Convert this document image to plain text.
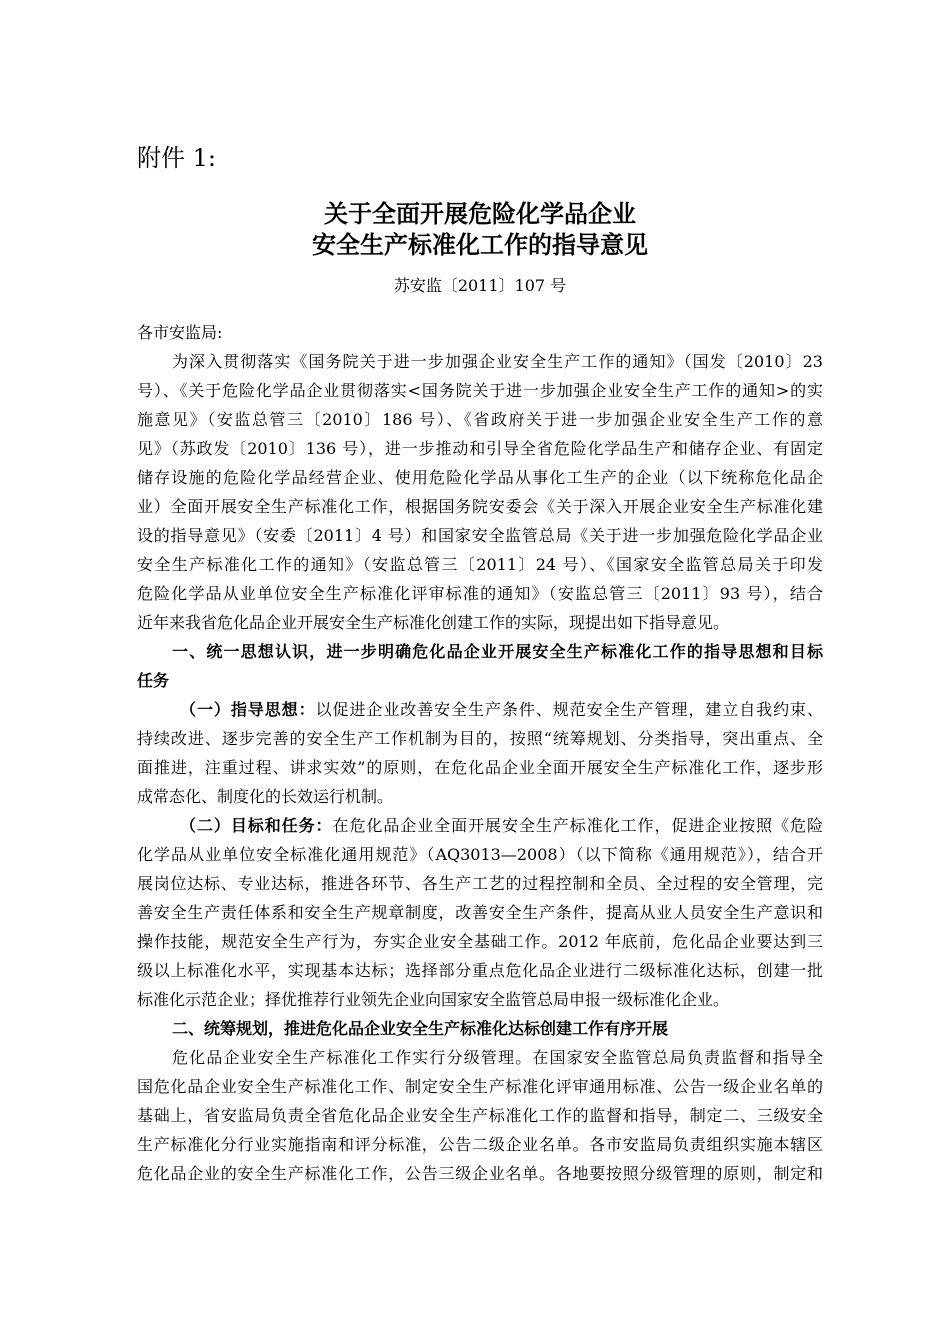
附件 1:
关于全面开展危险化学品企业
安全生产标准化工作的指导意见
苏安监〔2011〕107 号
各市安监局:
为深入贯彻落实《国务院关于进一步加强企业安全生产工作的通知》（国发〔2010〕23
号）、《关于危险化学品企业贯彻落实<国务院关于进一步加强企业安全生产工作的通知>的实
施意见》（安监总管三〔2010〕186 号）、《省政府关于进一步加强企业安全生产工作的意
见》（苏政发〔2010〕136 号），进一步推动和引导全省危险化学品生产和储存企业、有固定
储存设施的危险化学品经营企业、使用危险化学品从事化工生产的企业（以下统称危化品企
业）全面开展安全生产标准化工作，根据国务院安委会《关于深入开展企业安全生产标准化建
设的指导意见》（安委〔2011〕4 号）和国家安全监管总局《关于进一步加强危险化学品企业
安全生产标准化工作的通知》（安监总管三〔2011〕24 号）、《国家安全监管总局关于印发
危险化学品从业单位安全生产标准化评审标准的通知》（安监总管三〔2011〕93 号），结合
近年来我省危化品企业开展安全生产标准化创建工作的实际，现提出如下指导意见。
一、统一思想认识，进一步明确危化品企业开展安全生产标准化工作的指导思想和目标
任务
（一）指导思想：以促进企业改善安全生产条件、规范安全生产管理，建立自我约束、
持续改进、逐步完善的安全生产工作机制为目的，按照“统筹规划、分类指导，突出重点、全
面推进，注重过程、讲求实效”的原则，在危化品企业全面开展安全生产标准化工作，逐步形
成常态化、制度化的长效运行机制。
（二）目标和任务：在危化品企业全面开展安全生产标准化工作，促进企业按照《危险
化学品从业单位安全标准化通用规范》（AQ3013—2008）（以下简称《通用规范》），结合开
展岗位达标、专业达标，推进各环节、各生产工艺的过程控制和全员、全过程的安全管理，完
善安全生产责任体系和安全生产规章制度，改善安全生产条件，提高从业人员安全生产意识和
操作技能，规范安全生产行为，夯实企业安全基础工作。2012 年底前，危化品企业要达到三
级以上标准化水平，实现基本达标；选择部分重点危化品企业进行二级标准化达标，创建一批
标准化示范企业；择优推荐行业领先企业向国家安全监管总局申报一级标准化企业。
二、统筹规划，推进危化品企业安全生产标准化达标创建工作有序开展
危化品企业安全生产标准化工作实行分级管理。在国家安全监管总局负责监督和指导全
国危化品企业安全生产标准化工作、制定安全生产标准化评审通用标准、公告一级企业名单的
基础上，省安监局负责全省危化品企业安全生产标准化工作的监督和指导，制定二、三级安全
生产标准化分行业实施指南和评分标准，公告二级企业名单。各市安监局负责组织实施本辖区
危化品企业的安全生产标准化工作，公告三级企业名单。各地要按照分级管理的原则，制定和
